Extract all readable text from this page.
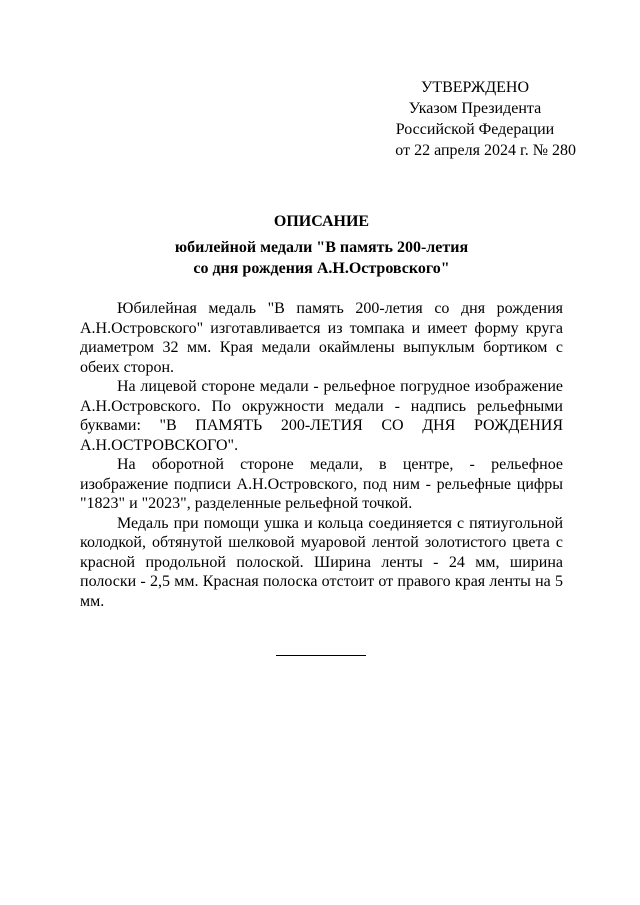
УТВЕРЖДЕНО
Указом Президента
Российской Федерации
от 22 апреля 2024 г. № 280
ОПИСАНИЕ
юбилейной медали "В память 200-летия
со дня рождения А.Н.Островского"

Юбилейная медаль "В память 200-летия со дня рождения А.Н.Островского" изготавливается из томпака и имеет форму круга диаметром 32 мм. Края медали окаймлены выпуклым бортиком с обеих сторон.

На лицевой стороне медали - рельефное погрудное изображение А.Н.Островского. По окружности медали - надпись рельефными буквами: "В ПАМЯТЬ 200-ЛЕТИЯ СО ДНЯ РОЖДЕНИЯ А.Н.ОСТРОВСКОГО".

На оборотной стороне медали, в центре, - рельефное изображение подписи А.Н.Островского, под ним - рельефные цифры "1823" и "2023", разделенные рельефной точкой.

Медаль при помощи ушка и кольца соединяется с пятиугольной колодкой, обтянутой шелковой муаровой лентой золотистого цвета с красной продольной полоской. Ширина ленты - 24 мм, ширина полоски - 2,5 мм. Красная полоска отстоит от правого края ленты на 5 мм.
